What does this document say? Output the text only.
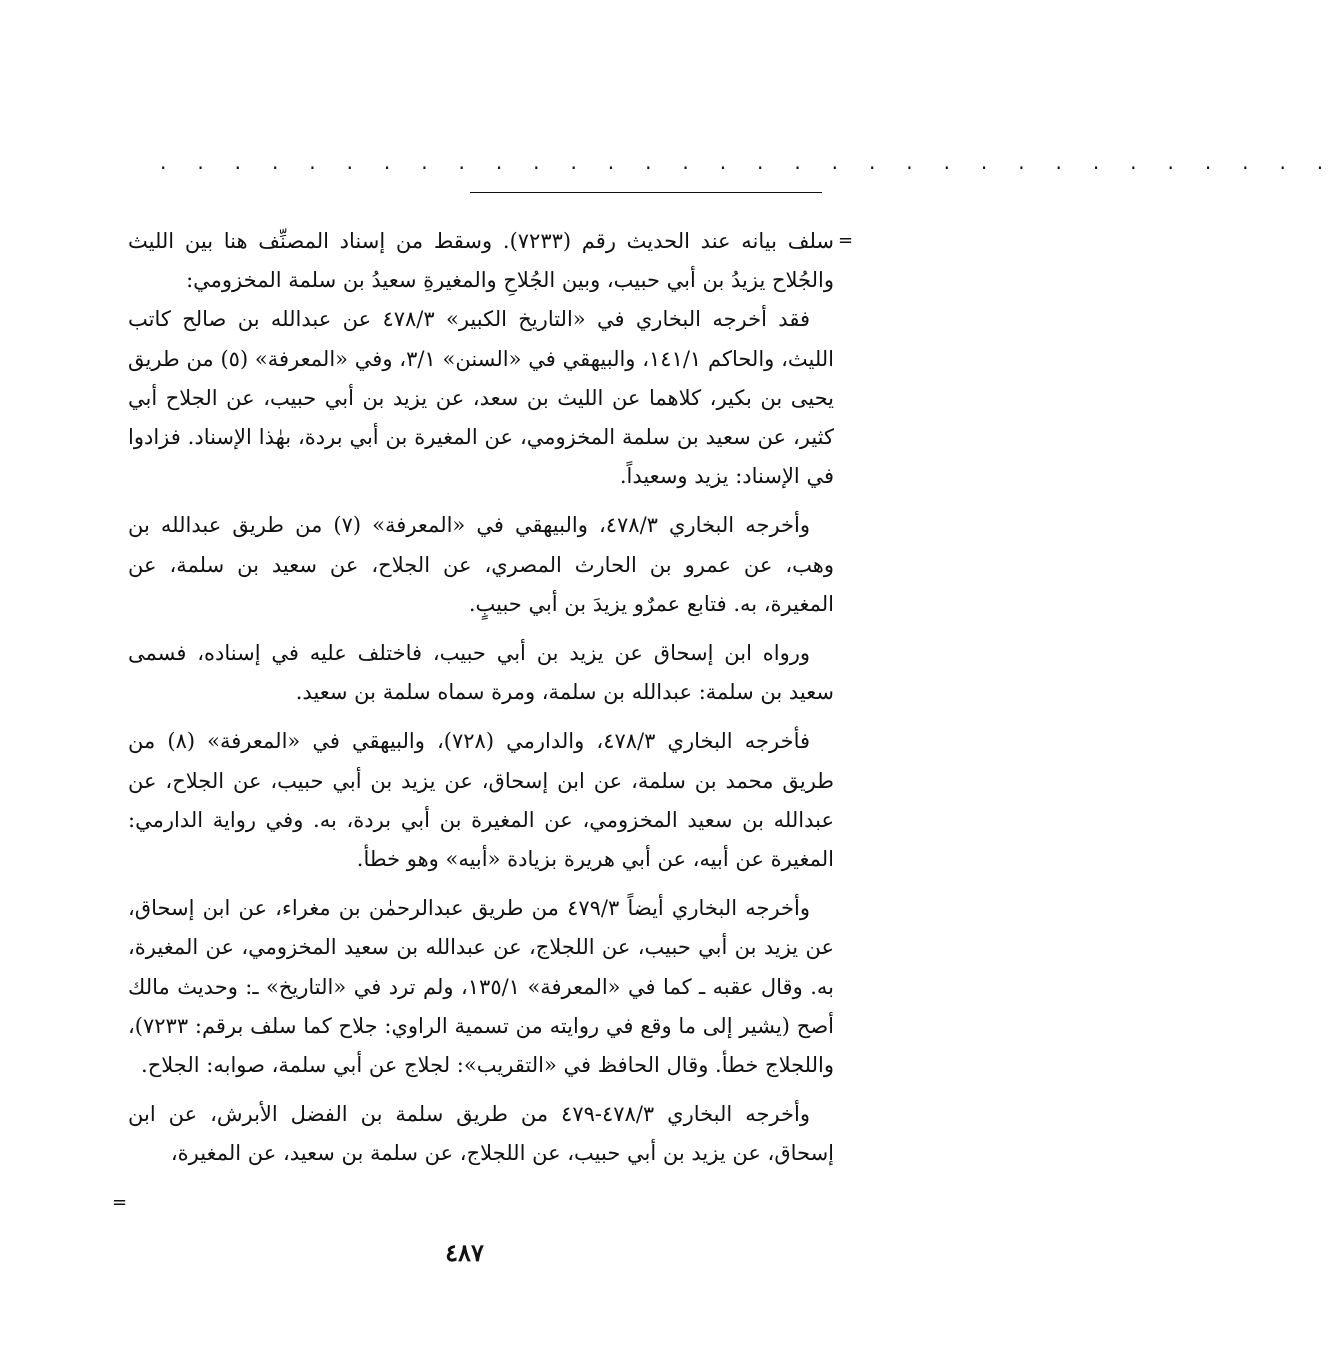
. . . . . . . . . . . . . . . . . . . . . . . . . . . . . . . .
=

سلف بيانه عند الحديث رقم (٧٢٣٣). وسقط من إسناد المصنِّف هنا بين الليث والجُلاح يزيدُ بن أبي حبيب، وبين الجُلاحِ والمغيرةِ سعيدُ بن سلمة المخزومي:

فقد أخرجه البخاري في «التاريخ الكبير» ٤٧٨/٣ عن عبدالله بن صالح كاتب الليث، والحاكم ١٤١/١، والبيهقي في «السنن» ٣/١، وفي «المعرفة» (٥) من طريق يحيى بن بكير، كلاهما عن الليث بن سعد، عن يزيد بن أبي حبيب، عن الجلاح أبي كثير، عن سعيد بن سلمة المخزومي، عن المغيرة بن أبي بردة، بهٰذا الإسناد. فزادوا في الإسناد: يزيد وسعيداً.

وأخرجه البخاري ٤٧٨/٣، والبيهقي في «المعرفة» (٧) من طريق عبدالله بن وهب، عن عمرو بن الحارث المصري، عن الجلاح، عن سعيد بن سلمة، عن المغيرة، به. فتابع عمرٌو يزيدَ بن أبي حبيبٍ.

ورواه ابن إسحاق عن يزيد بن أبي حبيب، فاختلف عليه في إسناده، فسمى سعيد بن سلمة: عبدالله بن سلمة، ومرة سماه سلمة بن سعيد.

فأخرجه البخاري ٤٧٨/٣، والدارمي (٧٢٨)، والبيهقي في «المعرفة» (٨) من طريق محمد بن سلمة، عن ابن إسحاق، عن يزيد بن أبي حبيب، عن الجلاح، عن عبدالله بن سعيد المخزومي، عن المغيرة بن أبي بردة، به. وفي رواية الدارمي: المغيرة عن أبيه، عن أبي هريرة بزيادة «أبيه» وهو خطأ.

وأخرجه البخاري أيضاً ٤٧٩/٣ من طريق عبدالرحمٰن بن مغراء، عن ابن إسحاق، عن يزيد بن أبي حبيب، عن اللجلاج، عن عبدالله بن سعيد المخزومي، عن المغيرة، به. وقال عقبه ـ كما في «المعرفة» ١٣٥/١، ولم ترد في «التاريخ» ـ: وحديث مالك أصح (يشير إلى ما وقع في روايته من تسمية الراوي: جلاح كما سلف برقم: ٧٢٣٣)، واللجلاج خطأ. وقال الحافظ في «التقريب»: لجلاج عن أبي سلمة، صوابه: الجلاح.

وأخرجه البخاري ٤٧٨/٣-٤٧٩ من طريق سلمة بن الفضل الأبرش، عن ابن إسحاق، عن يزيد بن أبي حبيب، عن اللجلاج، عن سلمة بن سعيد، عن المغيرة،

=
٤٨٧
